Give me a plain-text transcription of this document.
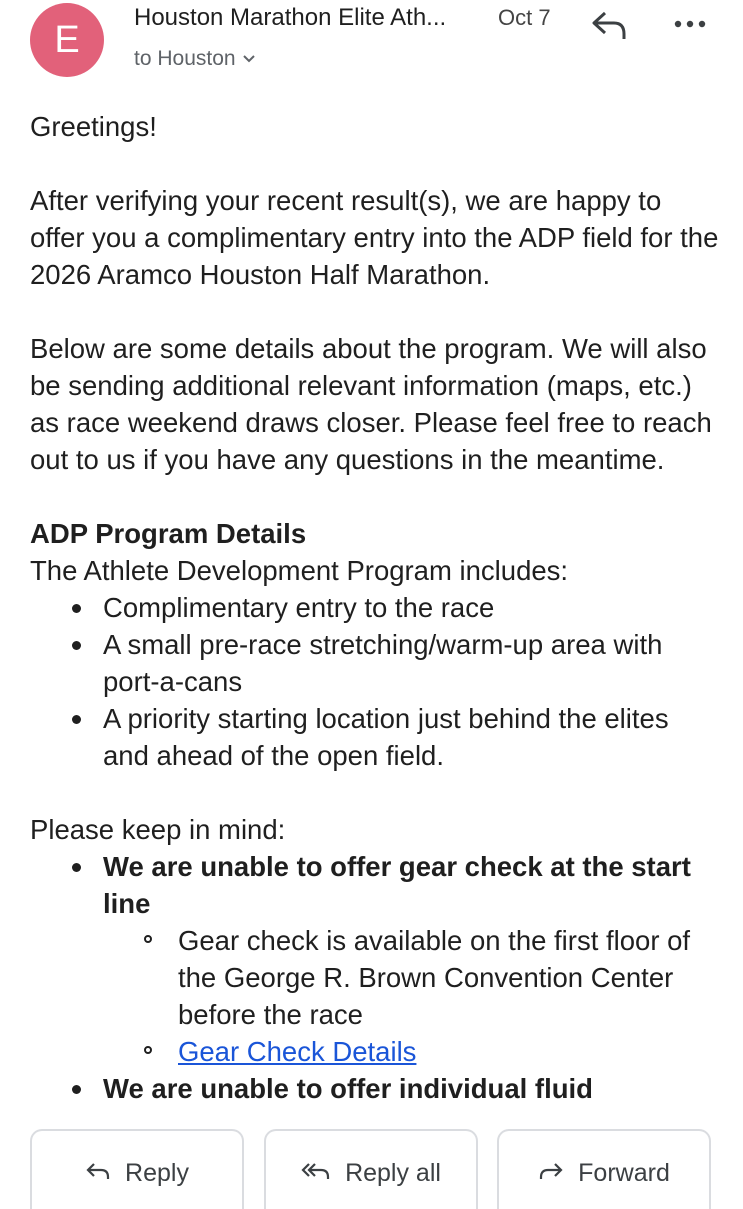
E
Houston Marathon Elite Ath... Oct 7
to Houston

Greetings!

After verifying your recent result(s), we are happy to offer you a complimentary entry into the ADP field for the 2026 Aramco Houston Half Marathon.

Below are some details about the program. We will also be sending additional relevant information (maps, etc.) as race weekend draws closer. Please feel free to reach out to us if you have any questions in the meantime.

ADP Program Details

The Athlete Development Program includes:

Complimentary entry to the race
A small pre-race stretching/warm-up area with port-a-cans
A priority starting location just behind the elites and ahead of the open field.

Please keep in mind:

We are unable to offer gear check at the start line
Gear check is available on the first floor of the George R. Brown Convention Center before the race
Gear Check Details
We are unable to offer individual fluid
Reply	Reply all	Forward
